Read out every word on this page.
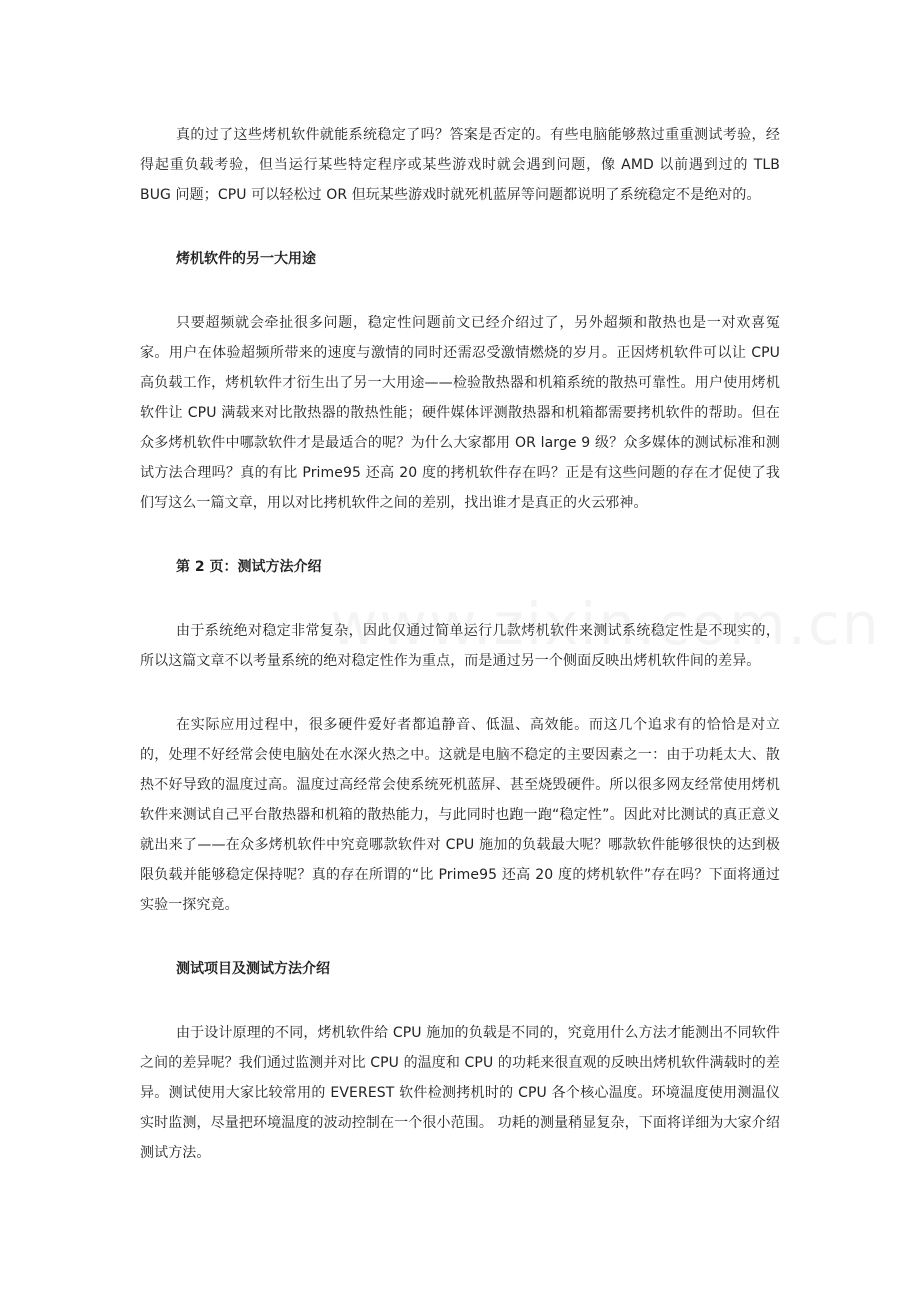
真的过了这些烤机软件就能系统稳定了吗？答案是否定的。有些电脑能够熬过重重测试考验，经得起重负载考验，但当运行某些特定程序或某些游戏时就会遇到问题，像 AMD 以前遇到过的 TLB BUG 问题；CPU 可以轻松过 OR 但玩某些游戏时就死机蓝屏等问题都说明了系统稳定不是绝对的。

烤机软件的另一大用途

只要超频就会牵扯很多问题，稳定性问题前文已经介绍过了，另外超频和散热也是一对欢喜冤家。用户在体验超频所带来的速度与激情的同时还需忍受激情燃烧的岁月。正因烤机软件可以让 CPU 高负载工作，烤机软件才衍生出了另一大用途——检验散热器和机箱系统的散热可靠性。用户使用烤机软件让 CPU 满载来对比散热器的散热性能；硬件媒体评测散热器和机箱都需要拷机软件的帮助。但在众多烤机软件中哪款软件才是最适合的呢？为什么大家都用 OR large 9 级？众多媒体的测试标准和测试方法合理吗？真的有比 Prime95 还高 20 度的拷机软件存在吗？正是有这些问题的存在才促使了我们写这么一篇文章，用以对比拷机软件之间的差别，找出谁才是真正的火云邪神。

第 2 页：测试方法介绍

由于系统绝对稳定非常复杂，因此仅通过简单运行几款烤机软件来测试系统稳定性是不现实的，所以这篇文章不以考量系统的绝对稳定性作为重点，而是通过另一个侧面反映出烤机软件间的差异。

在实际应用过程中，很多硬件爱好者都追静音、低温、高效能。而这几个追求有的恰恰是对立的，处理不好经常会使电脑处在水深火热之中。这就是电脑不稳定的主要因素之一：由于功耗太大、散热不好导致的温度过高。温度过高经常会使系统死机蓝屏、甚至烧毁硬件。所以很多网友经常使用烤机软件来测试自己平台散热器和机箱的散热能力，与此同时也跑一跑“稳定性”。因此对比测试的真正意义就出来了——在众多烤机软件中究竟哪款软件对 CPU 施加的负载最大呢？哪款软件能够很快的达到极限负载并能够稳定保持呢？真的存在所谓的“比 Prime95 还高 20 度的烤机软件”存在吗？下面将通过实验一探究竟。

测试项目及测试方法介绍

由于设计原理的不同，烤机软件给 CPU 施加的负载是不同的，究竟用什么方法才能测出不同软件之间的差异呢？我们通过监测并对比 CPU 的温度和 CPU 的功耗来很直观的反映出烤机软件满载时的差异。测试使用大家比较常用的 EVEREST 软件检测拷机时的 CPU 各个核心温度。环境温度使用测温仪实时监测，尽量把环境温度的波动控制在一个很小范围。 功耗的测量稍显复杂，下面将详细为大家介绍测试方法。
